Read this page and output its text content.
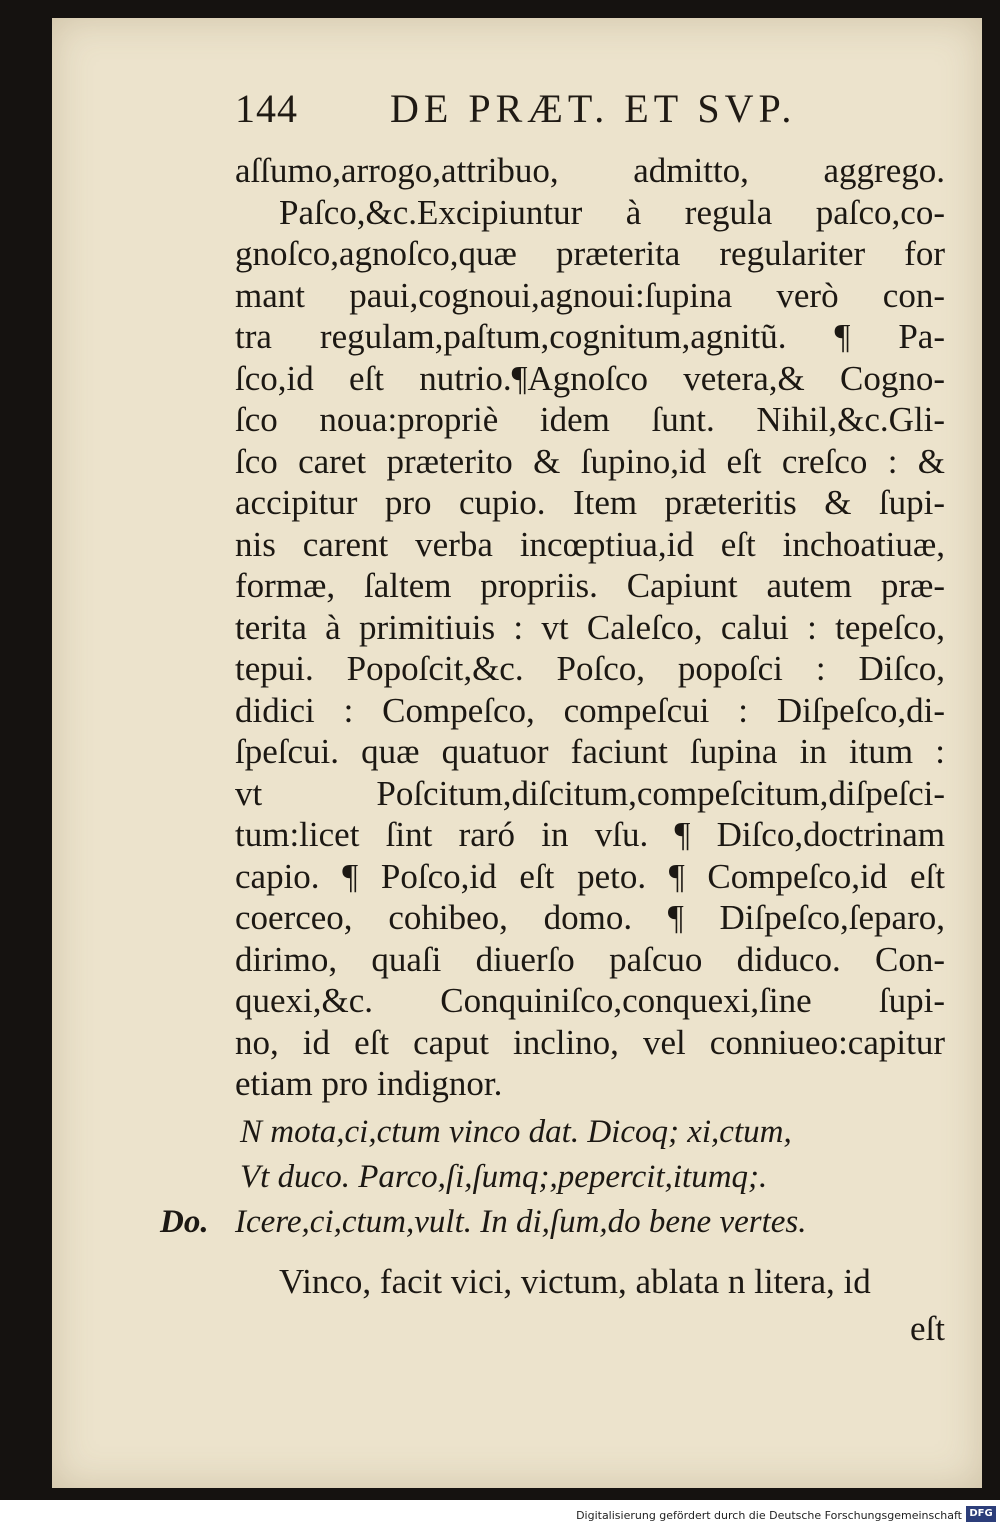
144 DE PRÆT. ET SVP.
aſſumo,arrogo,attribuo, admitto, aggrego.
Paſco,&c.Excipiuntur à regula paſco,co-
gnoſco,agnoſco,quæ præterita regulariter for
mant paui,cognoui,agnoui:ſupina verò con-
tra regulam,paſtum,cognitum,agnitũ. ¶ Pa-
ſco,id eſt nutrio.¶Agnoſco vetera,& Cogno-
ſco noua:propriè idem ſunt. Nihil,&c.Gli-
ſco caret præterito & ſupino,id eſt creſco : &
accipitur pro cupio. Item præteritis & ſupi-
nis carent verba incœptiua,id eſt inchoatiuæ,
formæ, ſaltem propriis. Capiunt autem præ-
terita à primitiuis : vt Caleſco, calui : tepeſco,
tepui. Popoſcit,&c. Poſco, popoſci : Diſco,
didici : Compeſco, compeſcui : Diſpeſco,di-
ſpeſcui. quæ quatuor faciunt ſupina in itum :
vt Poſcitum,diſcitum,compeſcitum,diſpeſci-
tum:licet ſint raró in vſu. ¶ Diſco,doctrinam
capio. ¶ Poſco,id eſt peto. ¶ Compeſco,id eſt
coerceo, cohibeo, domo. ¶ Diſpeſco,ſeparo,
dirimo, quaſi diuerſo paſcuo diduco. Con-
quexi,&c. Conquiniſco,conquexi,ſine ſupi-
no, id eſt caput inclino, vel conniueo:capitur
etiam pro indignor.
N mota,ci,ctum vinco dat. Dicoq; xi,ctum,
Vt duco. Parco,ſi,ſumq;,pepercit,itumq;.
Do. Icere,ci,ctum,vult. In di,ſum,do bene vertes.
Vinco, facit vici, victum, ablata n litera, id
eſt
Digitalisierung gefördert durch die Deutsche Forschungsgemeinschaft DFG
